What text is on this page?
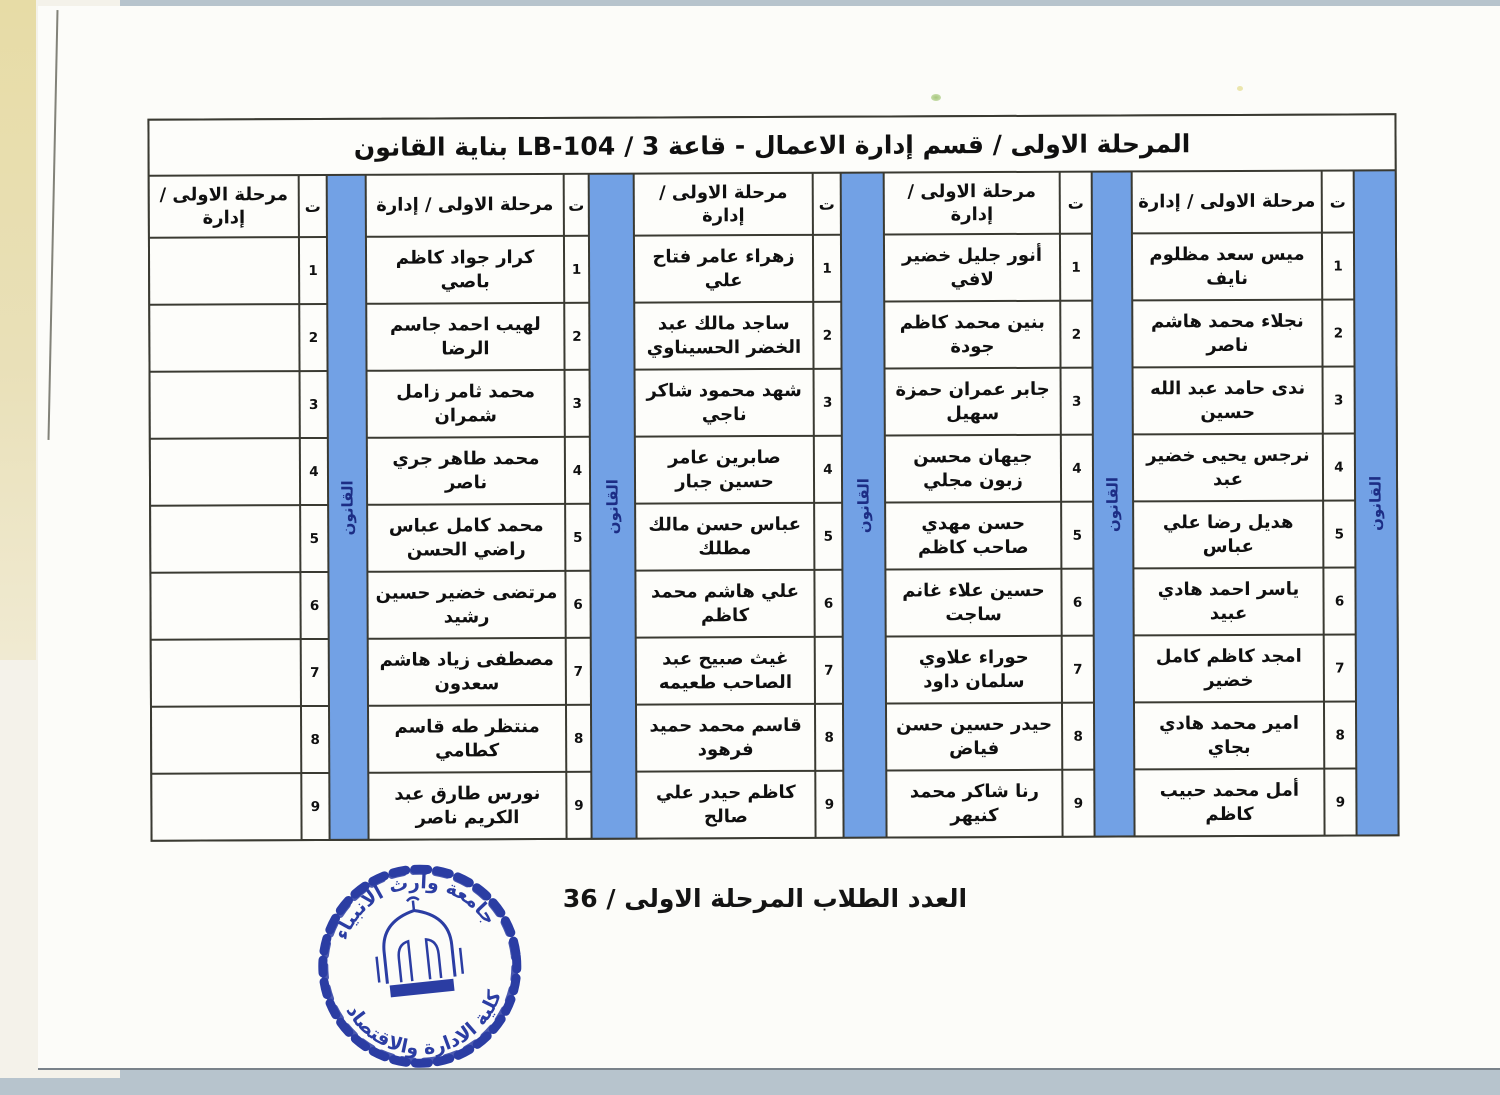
المرحلة الاولى / قسم إدارة الاعمال - قاعة 3 / LB-104 بناية القانون
القانون
ت
مرحلة الاولى / إدارة
1
ميس سعد مظلوم نايف
2
نجلاء محمد هاشم ناصر
3
ندى حامد عبد الله حسين
4
نرجس يحيى خضير عبد
5
هديل رضا علي عباس
6
ياسر احمد هادي عبيد
7
امجد كاظم كامل خضير
8
امير محمد هادي بجاي
9
أمل محمد حبيب كاظم
القانون
ت
مرحلة الاولى / إدارة
1
أنور جليل خضير لافي
2
بنين محمد كاظم جودة
3
جابر عمران حمزة سهيل
4
جيهان محسن زبون مجلي
5
حسن مهدي صاحب كاظم
6
حسين علاء غانم ساجت
7
حوراء علاوي سلمان داود
8
حيدر حسين حسن فياض
9
رنا شاكر محمد كنيهر
القانون
ت
مرحلة الاولى / إدارة
1
زهراء عامر فتاح علي
2
ساجد مالك عبد الخضر الحسيناوي
3
شهد محمود شاكر ناجي
4
صابرين عامر حسين جبار
5
عباس حسن مالك مطلك
6
علي هاشم محمد كاظم
7
غيث صبيح عبد الصاحب طعيمه
8
قاسم محمد حميد فرهود
9
كاظم حيدر علي صالح
القانون
ت
مرحلة الاولى / إدارة
1
كرار جواد كاظم باصي
2
لهيب احمد جاسم الرضا
3
محمد ثامر زامل شمران
4
محمد طاهر جري ناصر
5
محمد كامل عباس راضي الحسن
6
مرتضى خضير حسين رشيد
7
مصطفى زياد هاشم سعدون
8
منتظر طه قاسم كطامي
9
نورس طارق عبد الكريم ناصر
القانون
ت
مرحلة الاولى / إدارة
1
2
3
4
5
6
7
8
9
العدد الطلاب المرحلة الاولى / 36
جامعة وارث الانبياء
كلية الادارة والاقتصاد
